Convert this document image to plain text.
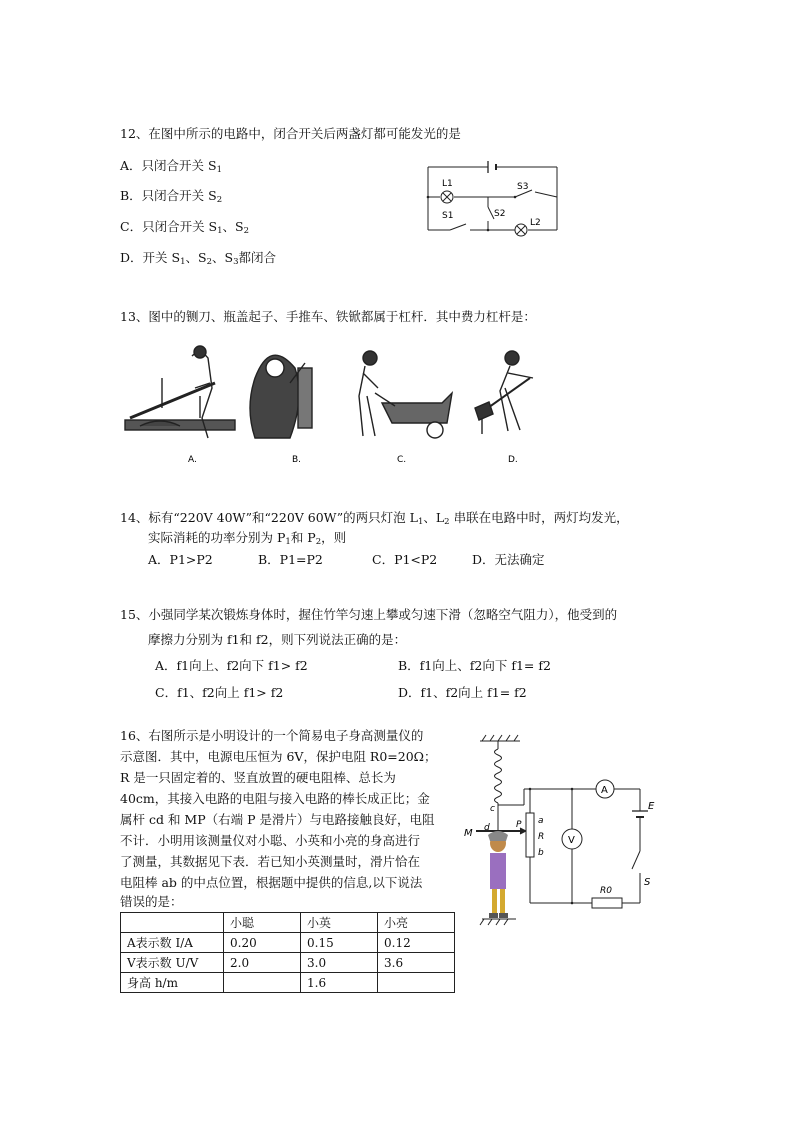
12、在图中所示的电路中，闭合开关后两盏灯都可能发光的是
A．只闭合开关 $S_1$
B．只闭合开关 $S_2$
C．只闭合开关 $S_1$、$S_2$
D．开关 $S_1$、$S_2$、$S_3$都闭合
L1	S3
S1	S2
L2
13、图中的铡刀、瓶盖起子、手推车、铁锨都属于杠杆．其中费力杠杆是：
A.	B.	C.	D.
14、标有“220V 40W”和“220V 60W”的两只灯泡 $L_1$、$L_2$ 串联在电路中时，两灯均发光，
实际消耗的功率分别为 $P_1$和 $P_2$，则
A．P1>P2	B．P1=P2	C．P1<P2	D．无法确定
15、小强同学某次锻炼身体时，握住竹竿匀速上攀或匀速下滑（忽略空气阻力），他受到的
摩擦力分别为 f1和 f2，则下列说法正确的是：
A．f1向上、f2向下 f1> f2	B．f1向上、f2向下 f1= f2
C．f1、f2向上 f1> f2	D．f1、f2向上 f1= f2
16、右图所示是小明设计的一个简易电子身高测量仪的
示意图．其中，电源电压恒为 6V，保护电阻 R0=20Ω；
R 是一只固定着的、竖直放置的硬电阻棒、总长为
40cm，其接入电路的电阻与接入电路的棒长成正比；金
属杆 cd 和 MP（右端 P 是滑片）与电路接触良好，电阻
不计．小明用该测量仪对小聪、小英和小亮的身高进行
了测量，其数据见下表．若已知小英测量时，滑片恰在
电阻棒 ab 的中点位置，根据题中提供的信息,以下说法
错误的是：
	小聪	小英	小亮
A表示数 I/A	0.20	0.15	0.12
V表示数 U/V	2.0	3.0	3.6
身高 h/m		1.6	
A
V
E
S
R0
R
a
b
c
d
M
P
